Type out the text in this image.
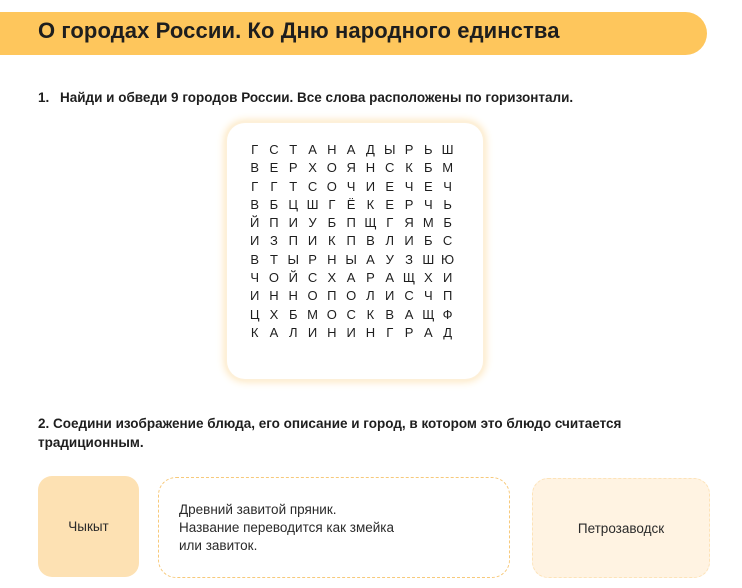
О городах России. Ко Дню народного единства
1. Найди и обведи 9 городов России. Все слова расположены по горизонтали.
Г С Т А Н А Д Ы Р Ь Ш
В Е Р Х О Я Н С К Б М
Г Г Т С О Ч И Е Ч Е Ч
В Б Ц Ш Г Ё К Е Р Ч Ь
Й П И У Б П Щ Г Я М Б
И З П И К П В Л И Б С
В Т Ы Р Н Ы А У З Ш Ю
Ч О Й С Х А Р А Щ Х И
И Н Н О П О Л И С Ч П
Ц Х Б М О С К В А Щ Ф
К А Л И Н И Н Г Р А Д
2. Соедини изображение блюда, его описание и город, в котором это блюдо считается традиционным.
Чыкыт
Древний завитой пряник.
Название переводится как змейка
или завиток.
Петрозаводск
